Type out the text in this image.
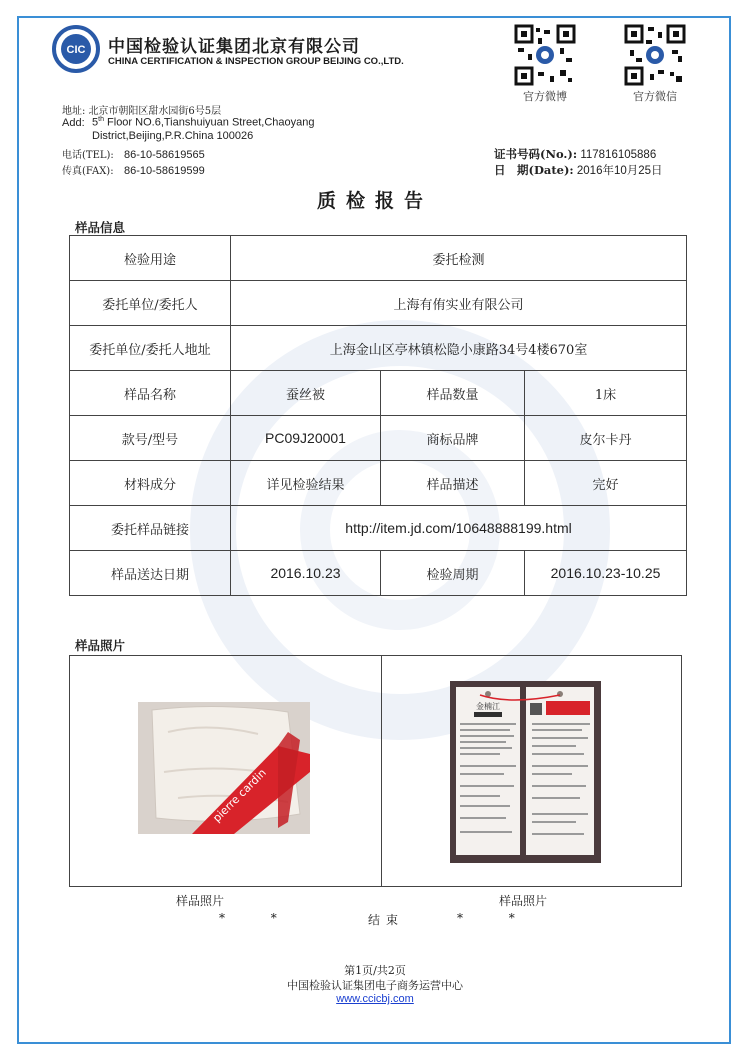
CIC 中国检验认证集团北京有限公司
CHINA CERTIFICATION & INSPECTION GROUP BEIJING CO.,LTD.
官方微博	官方微信
地址: 北京市朝阳区甜水园街6号5层
Add: 5th Floor NO.6,Tianshuiyuan Street,Chaoyang
District,Beijing,P.R.China 100026
电话(TEL): 86-10-58619565
传真(FAX): 86-10-58619599
证书号码(No.): 117816105886
日　期(Date): 2016年10月25日
质检报告
样品信息
检验用途	委托检测		
委托单位/委托人	上海有侑实业有限公司		
委托单位/委托人地址	上海金山区亭林镇松隐小康路34号4楼670室		
样品名称	蚕丝被	样品数量	1床
款号/型号	PC09J20001	商标品牌	皮尔卡丹
材料成分	详见检验结果	样品描述	完好
委托样品链接	http://item.jd.com/10648888199.html		
样品送达日期	2016.10.23	检验周期	2016.10.23-10.25
样品照片
pierre cardin
金楠江
样品照片	样品照片
*            *	结束	*            *
第1页/共2页
中国检验认证集团电子商务运营中心
www.ccicbj.com
